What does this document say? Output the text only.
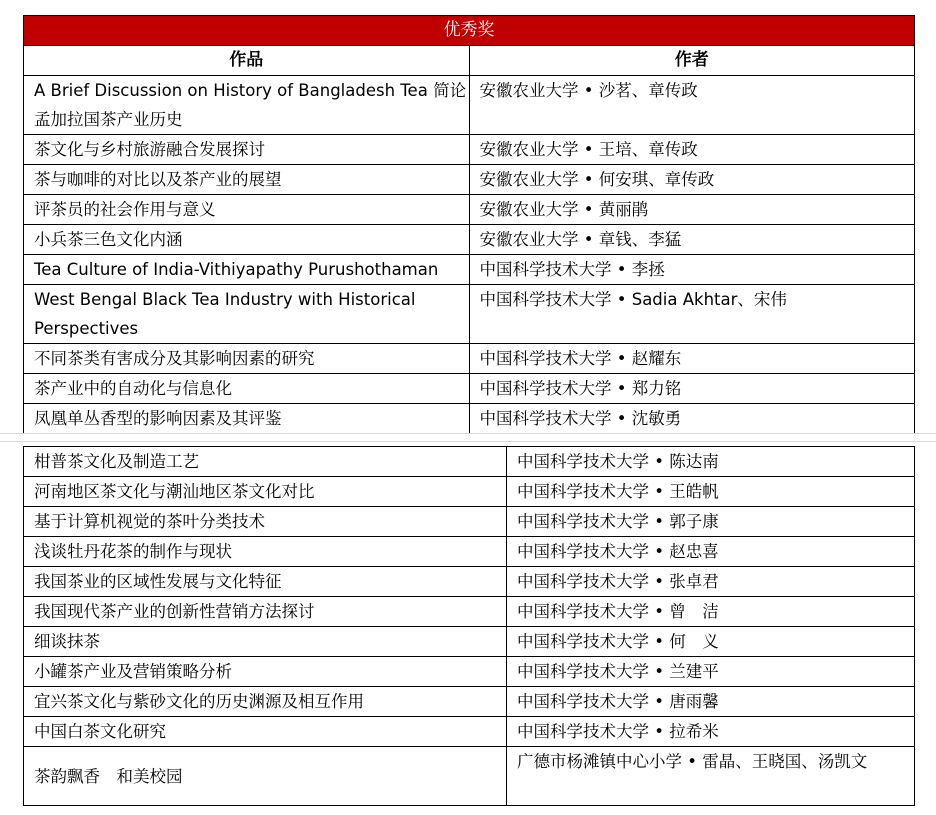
优秀奖	
作品	作者
A Brief Discussion on History of Bangladesh Tea 简论孟加拉国茶产业历史	安徽农业大学 • 沙茗、章传政
茶文化与乡村旅游融合发展探讨	安徽农业大学 • 王培、章传政
茶与咖啡的对比以及茶产业的展望	安徽农业大学 • 何安琪、章传政
评茶员的社会作用与意义	安徽农业大学 • 黄丽鹃
小兵茶三色文化内涵	安徽农业大学 • 章钱、李猛
Tea Culture of India-Vithiyapathy Purushothaman	中国科学技术大学 • 李拯
West Bengal Black Tea Industry with Historical Perspectives	中国科学技术大学 • Sadia Akhtar、宋伟
不同茶类有害成分及其影响因素的研究	中国科学技术大学 • 赵耀东
茶产业中的自动化与信息化	中国科学技术大学 • 郑力铭
凤凰单丛香型的影响因素及其评鉴	中国科学技术大学 • 沈敏勇
柑普茶文化及制造工艺	中国科学技术大学 • 陈达南
河南地区茶文化与潮汕地区茶文化对比	中国科学技术大学 • 王皓帆
基于计算机视觉的茶叶分类技术	中国科学技术大学 • 郭子康
浅谈牡丹花茶的制作与现状	中国科学技术大学 • 赵忠喜
我国茶业的区域性发展与文化特征	中国科学技术大学 • 张卓君
我国现代茶产业的创新性营销方法探讨	中国科学技术大学 • 曾　洁
细谈抹茶	中国科学技术大学 • 何　义
小罐茶产业及营销策略分析	中国科学技术大学 • 兰建平
宜兴茶文化与紫砂文化的历史渊源及相互作用	中国科学技术大学 • 唐雨馨
中国白茶文化研究	中国科学技术大学 • 拉希米
茶韵飘香　和美校园	广德市杨滩镇中心小学 • 雷晶、王晓国、汤凯文
